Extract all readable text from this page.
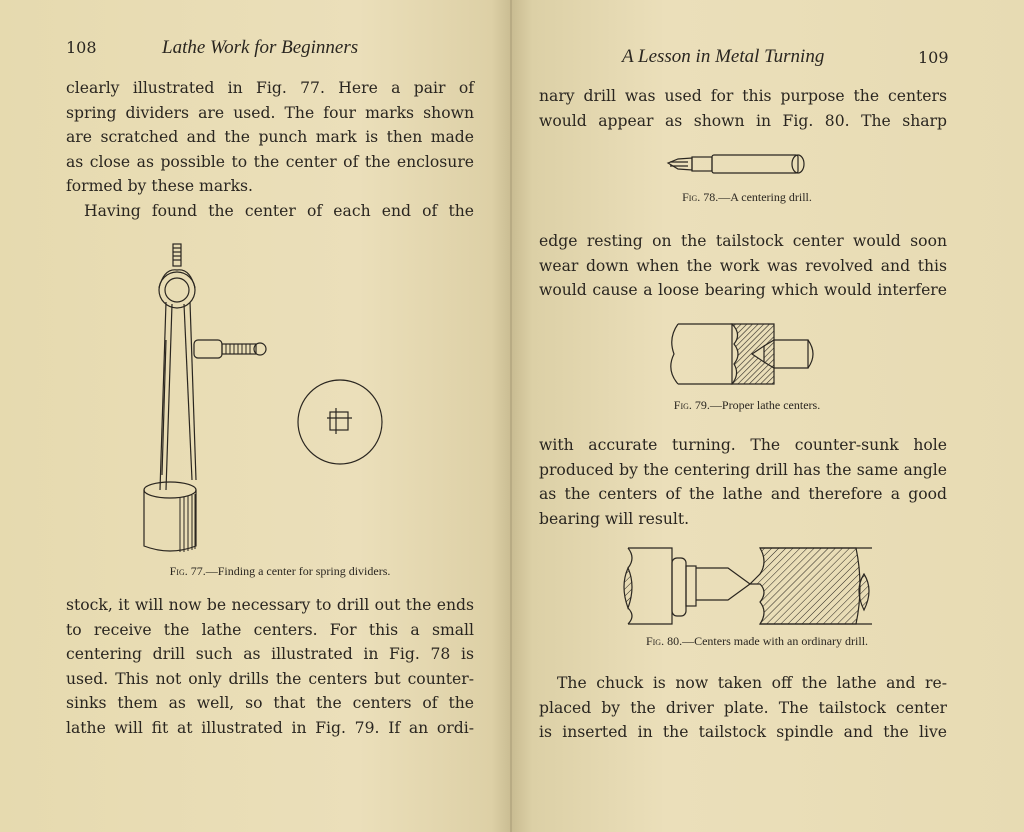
108	Lathe Work for Beginners
clearly illustrated in Fig. 77. Here a pair of
spring dividers are used. The four marks shown
are scratched and the punch mark is then made
as close as possible to the center of the enclosure
formed by these marks.
Having found the center of each end of the
Fig. 77.—Finding a center for spring dividers.
stock, it will now be necessary to drill out the ends
to receive the lathe centers. For this a small
centering drill such as illustrated in Fig. 78 is
used. This not only drills the centers but counter-
sinks them as well, so that the centers of the
lathe will fit at illustrated in Fig. 79. If an ordi-
A Lesson in Metal Turning	109
nary drill was used for this purpose the centers
would appear as shown in Fig. 80. The sharp
Fig. 78.—A centering drill.
edge resting on the tailstock center would soon
wear down when the work was revolved and this
would cause a loose bearing which would interfere
Fig. 79.—Proper lathe centers.
with accurate turning. The counter-sunk hole
produced by the centering drill has the same angle
as the centers of the lathe and therefore a good
bearing will result.
Fig. 80.—Centers made with an ordinary drill.
The chuck is now taken off the lathe and re-
placed by the driver plate. The tailstock center
is inserted in the tailstock spindle and the live
